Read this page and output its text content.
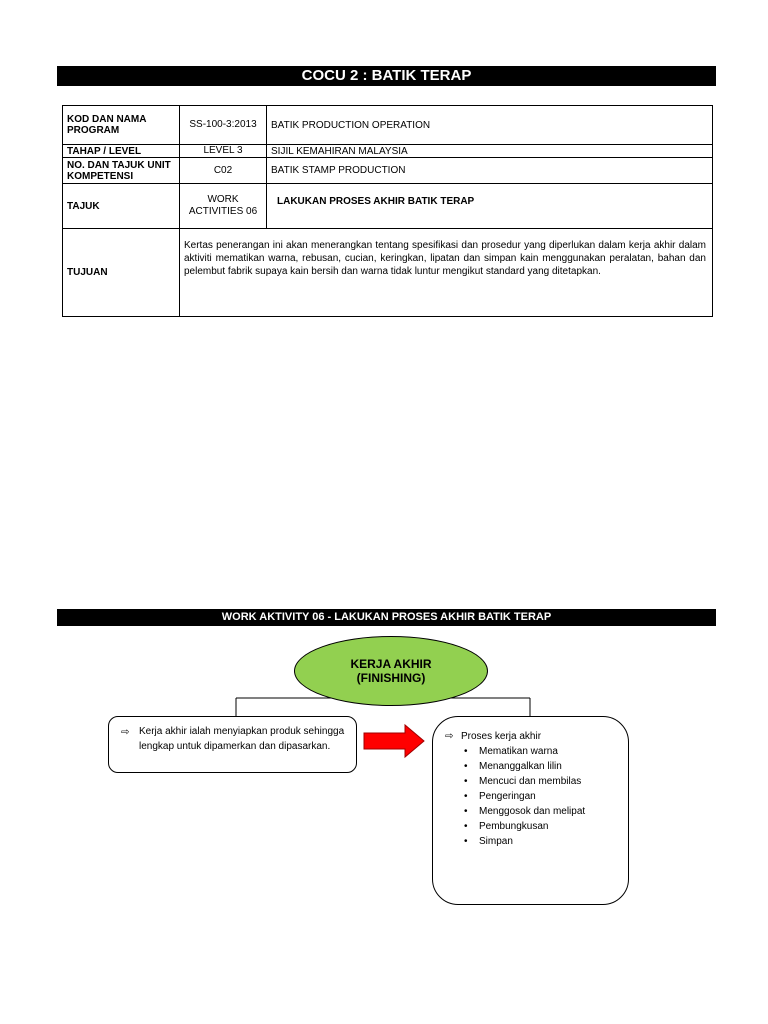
COCU 2 : BATIK TERAP
KOD DAN NAMA PROGRAM	SS-100-3:2013	BATIK PRODUCTION OPERATION
TAHAP / LEVEL	LEVEL 3	SIJIL KEMAHIRAN MALAYSIA
NO. DAN TAJUK UNIT KOMPETENSI	C02	BATIK STAMP PRODUCTION
TAJUK	WORK ACTIVITIES 06	LAKUKAN PROSES AKHIR BATIK TERAP
TUJUAN	Kertas penerangan ini akan menerangkan tentang spesifikasi dan prosedur yang diperlukan dalam kerja akhir dalam aktiviti mematikan warna, rebusan, cucian, keringkan, lipatan dan simpan kain menggunakan peralatan, bahan dan pelembut fabrik supaya kain bersih dan warna tidak luntur mengikut standard yang ditetapkan.	
WORK AKTIVITY 06 - LAKUKAN PROSES AKHIR BATIK TERAP
KERJA AKHIR
(FINISHING)
⇨ Kerja akhir ialah menyiapkan produk sehingga lengkap untuk dipamerkan dan dipasarkan.
⇨ Proses kerja akhir
• Mematikan warna
• Menanggalkan lilin
• Mencuci dan membilas
• Pengeringan
• Menggosok dan melipat
• Pembungkusan
• Simpan
